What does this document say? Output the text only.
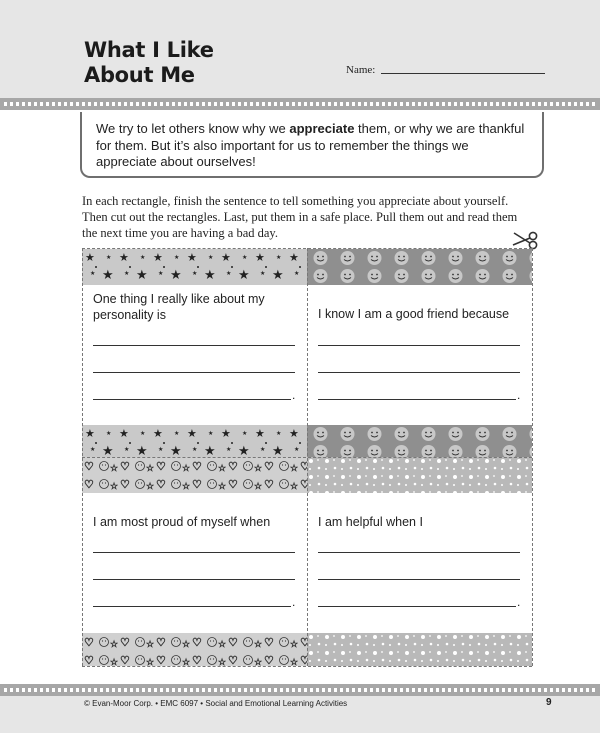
What I Like
About Me	Name:
We try to let others know why we appreciate them, or why we are thankful for them. But it’s also important for us to remember the things we appreciate about ourselves!
In each rectangle, finish the sentence to tell something you appreciate about yourself. Then cut out the rectangles. Last, put them in a safe place. Pull them out and read them the next time you are having a bad day.
One thing I really like about my personality is
.
I know I am a good friend because
.
I am most proud of myself when
.
I am helpful when I
.
© Evan-Moor Corp. • EMC 6097 • Social and Emotional Learning Activities	9
